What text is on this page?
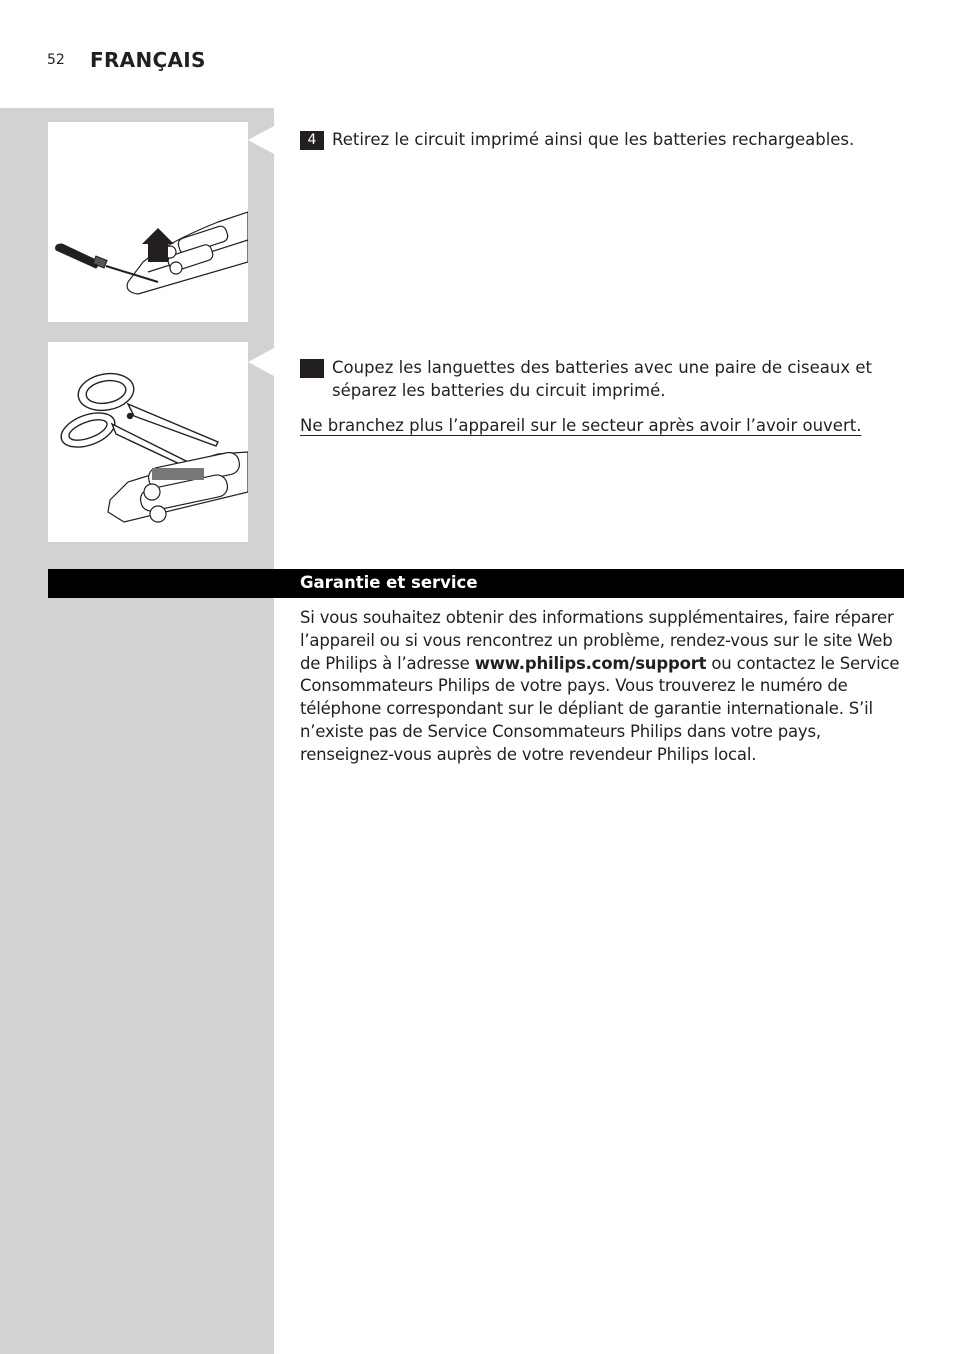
52 FRANÇAIS
4 Retirez le circuit imprimé ainsi que les batteries rechargeables.
5 Coupez les languettes des batteries avec une paire de ciseaux et séparez les batteries du circuit imprimé.
Ne branchez plus l’appareil sur le secteur après avoir l’avoir ouvert.
Garantie et service
Si vous souhaitez obtenir des informations supplémentaires, faire réparer l’appareil ou si vous rencontrez un problème, rendez-vous sur le site Web de Philips à l’adresse www.philips.com/support ou contactez le Service Consommateurs Philips de votre pays. Vous trouverez le numéro de téléphone correspondant sur le dépliant de garantie internationale. S’il n’existe pas de Service Consommateurs Philips dans votre pays, renseignez-vous auprès de votre revendeur Philips local.
